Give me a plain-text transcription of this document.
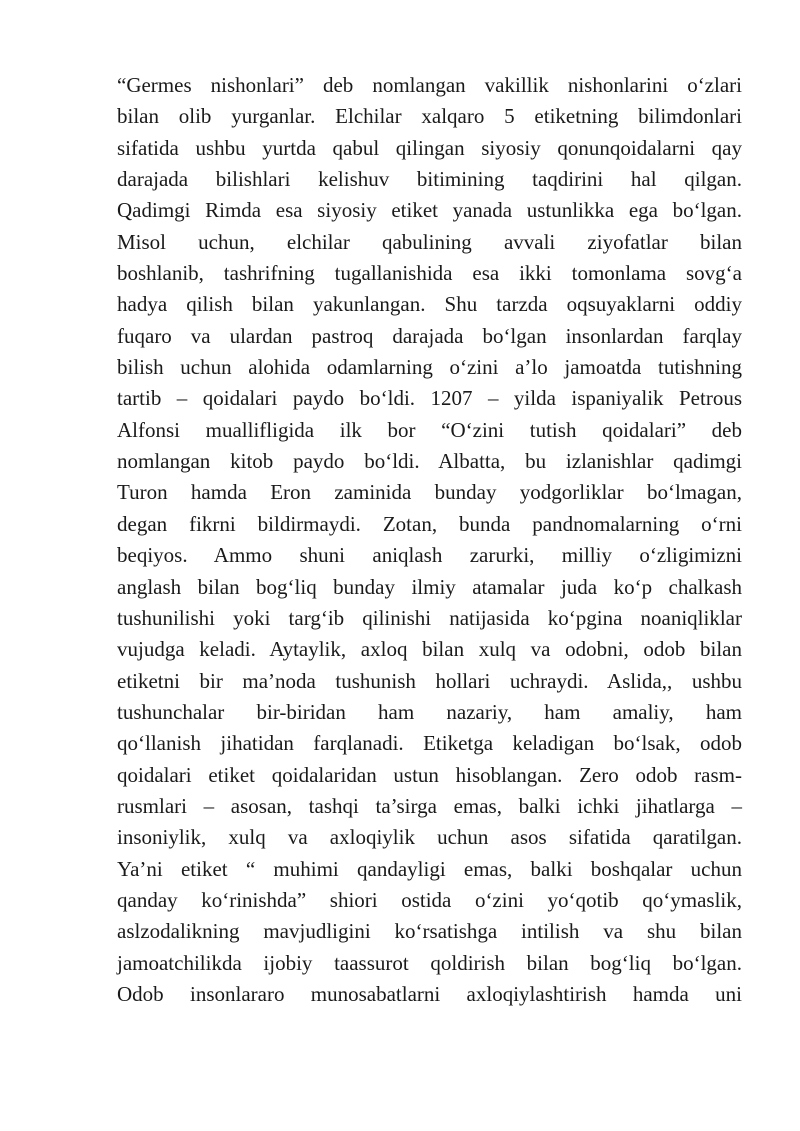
“Germes nishonlari” deb nomlangan vakillik nishonlarini o‘zlari
bilan olib yurganlar. Elchilar xalqaro 5 etiketning bilimdonlari
sifatida ushbu yurtda qabul qilingan siyosiy qonunqoidalarni qay
darajada bilishlari kelishuv bitimining taqdirini hal qilgan.
Qadimgi Rimda esa siyosiy etiket yanada ustunlikka ega bo‘lgan.
Misol uchun, elchilar qabulining avvali ziyofatlar bilan
boshlanib, tashrifning tugallanishida esa ikki tomonlama sovg‘a
hadya qilish bilan yakunlangan. Shu tarzda oqsuyaklarni oddiy
fuqaro va ulardan pastroq darajada bo‘lgan insonlardan farqlay
bilish uchun alohida odamlarning o‘zini a’lo jamoatda tutishning
tartib – qoidalari paydo bo‘ldi. 1207 – yilda ispaniyalik Petrous
Alfonsi muallifligida ilk bor “O‘zini tutish qoidalari” deb
nomlangan kitob paydo bo‘ldi. Albatta, bu izlanishlar qadimgi
Turon hamda Eron zaminida bunday yodgorliklar bo‘lmagan,
degan fikrni bildirmaydi. Zotan, bunda pandnomalarning o‘rni
beqiyos. Ammo shuni aniqlash zarurki, milliy o‘zligimizni
anglash bilan bog‘liq bunday ilmiy atamalar juda ko‘p chalkash
tushunilishi yoki targ‘ib qilinishi natijasida ko‘pgina noaniqliklar
vujudga keladi. Aytaylik, axloq bilan xulq va odobni, odob bilan
etiketni bir ma’noda tushunish hollari uchraydi. Aslida,, ushbu
tushunchalar bir-biridan ham nazariy, ham amaliy, ham
qo‘llanish jihatidan farqlanadi. Etiketga keladigan bo‘lsak, odob
qoidalari etiket qoidalaridan ustun hisoblangan. Zero odob rasm-
rusmlari – asosan, tashqi ta’sirga emas, balki ichki jihatlarga –
insoniylik, xulq va axloqiylik uchun asos sifatida qaratilgan.
Ya’ni etiket “ muhimi qandayligi emas, balki boshqalar uchun
qanday ko‘rinishda” shiori ostida o‘zini yo‘qotib qo‘ymaslik,
aslzodalikning mavjudligini ko‘rsatishga intilish va shu bilan
jamoatchilikda ijobiy taassurot qoldirish bilan bog‘liq bo‘lgan.
Odob insonlararo munosabatlarni axloqiylashtirish hamda uni
